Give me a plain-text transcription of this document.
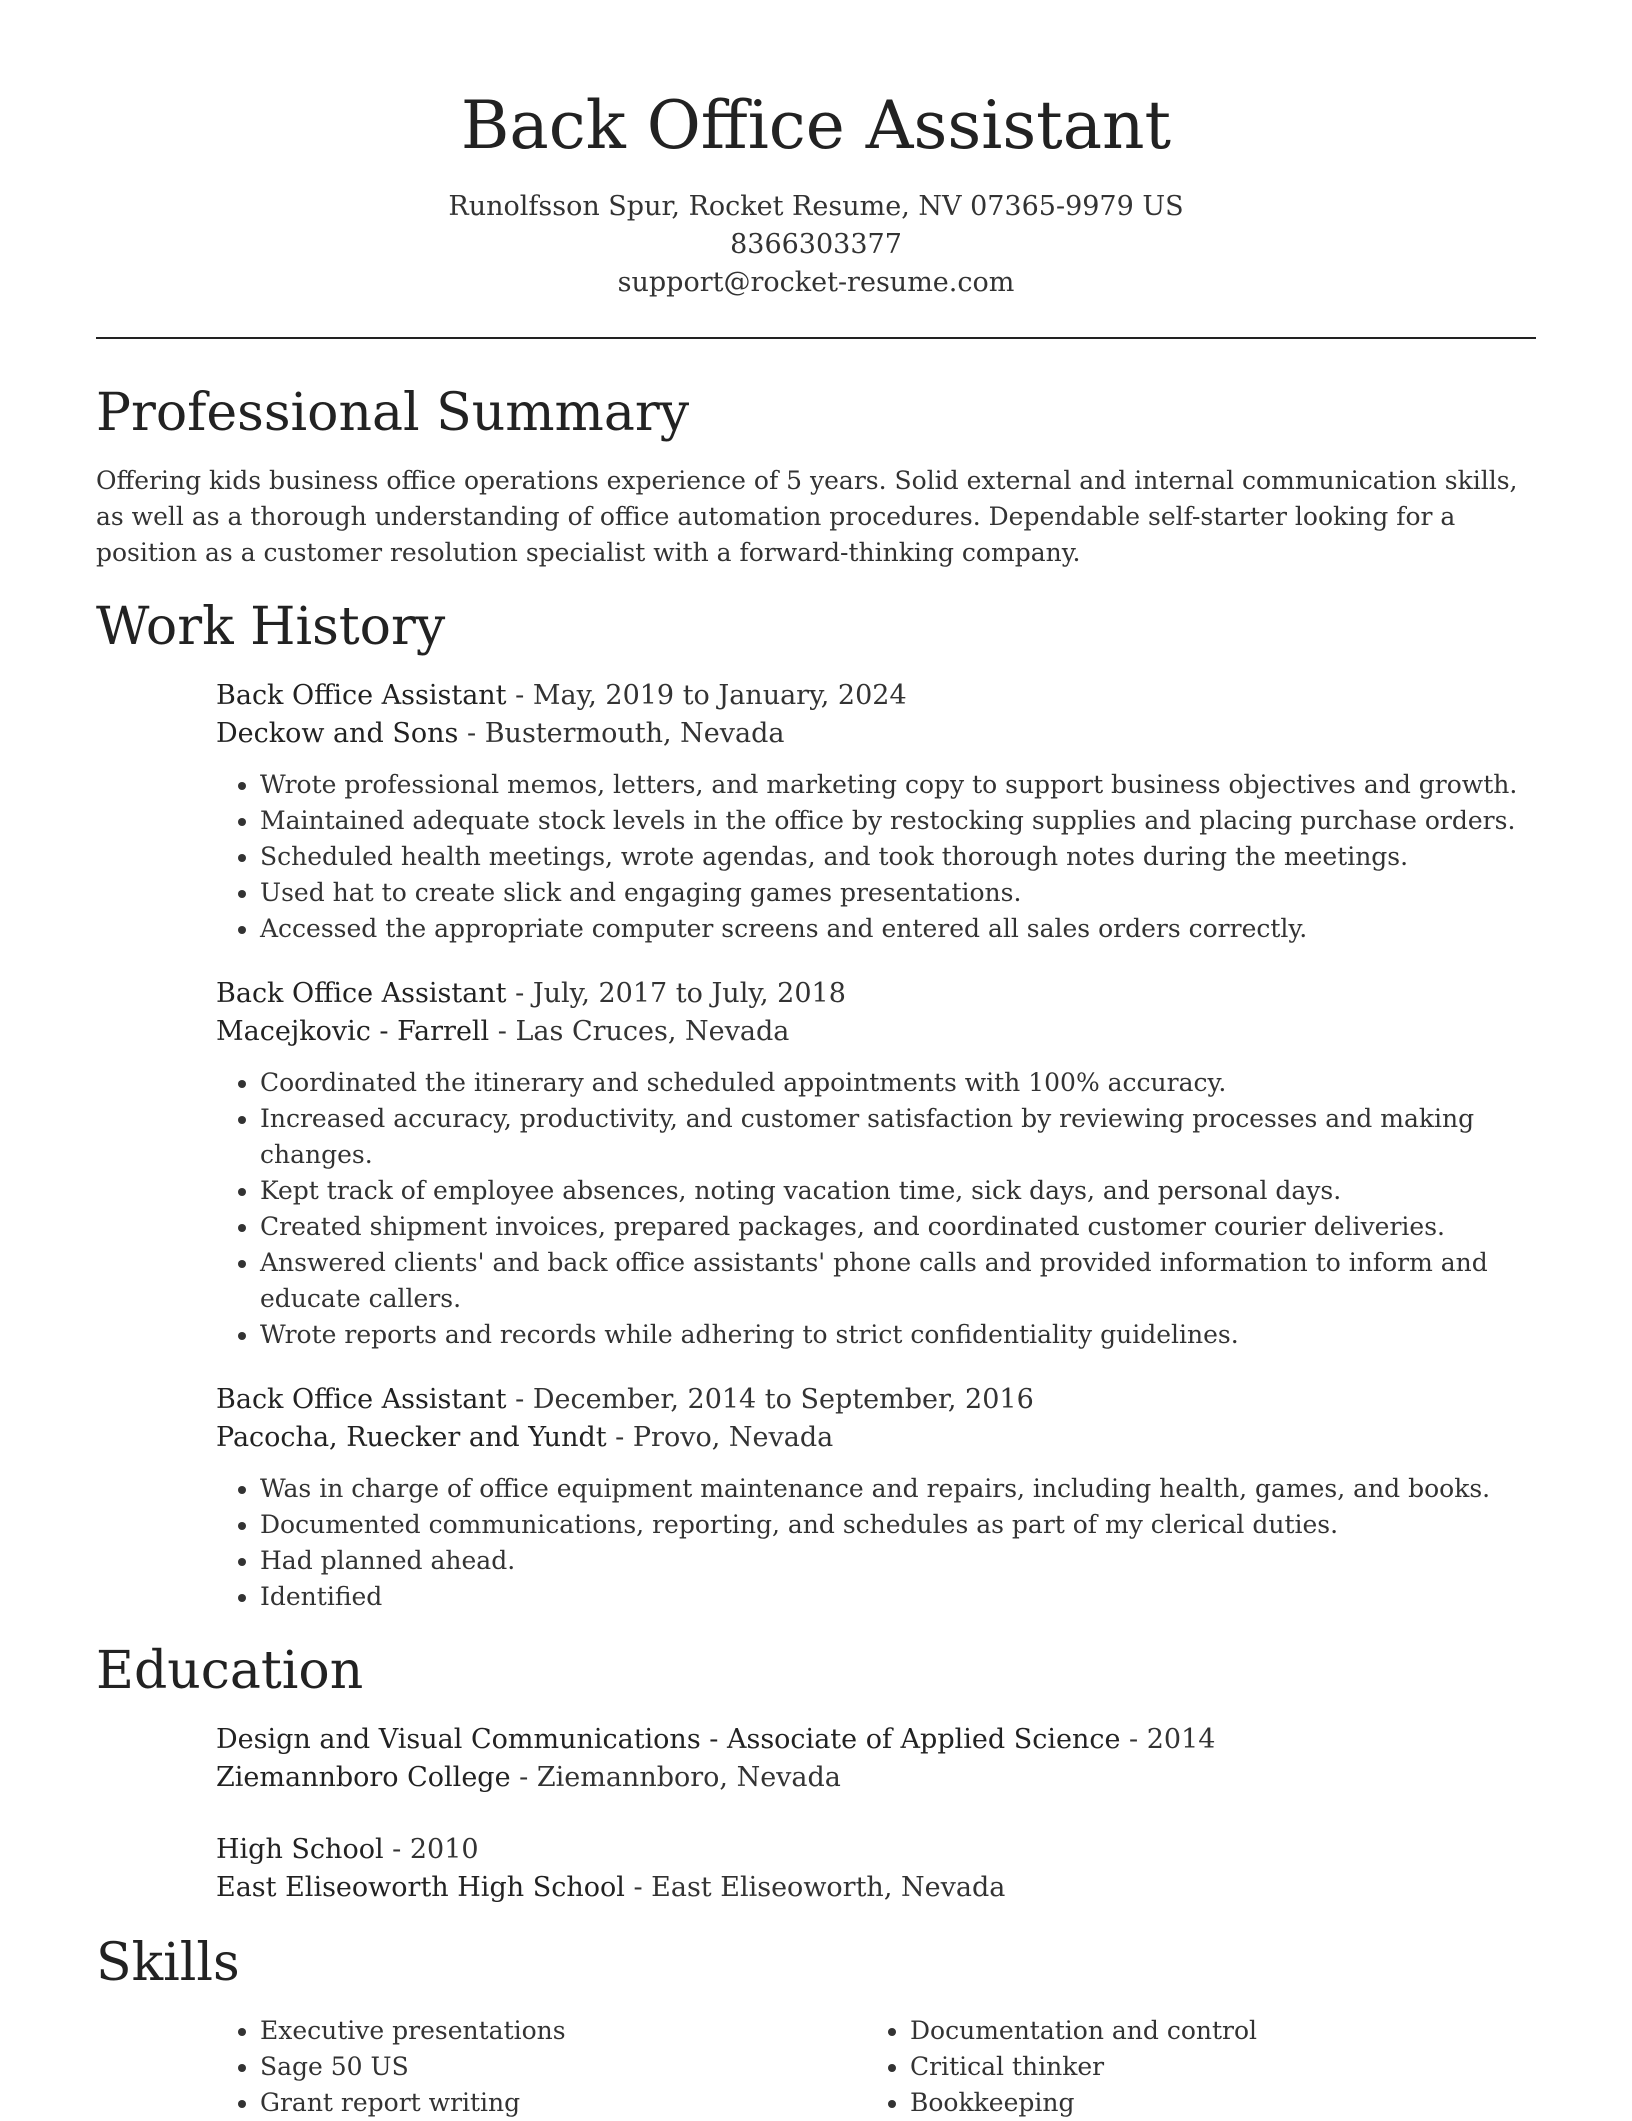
Back Office Assistant
Runolfsson Spur, Rocket Resume, NV 07365-9979 US
8366303377
support@rocket-resume.com
Professional Summary

Offering kids business office operations experience of 5 years. Solid external and internal communication skills, as well as a thorough understanding of office automation procedures. Dependable self-starter looking for a position as a customer resolution specialist with a forward-thinking company.

Work History
Back Office Assistant - May, 2019 to January, 2024
Deckow and Sons - Bustermouth, Nevada
• Wrote professional memos, letters, and marketing copy to support business objectives and growth.
• Maintained adequate stock levels in the office by restocking supplies and placing purchase orders.
• Scheduled health meetings, wrote agendas, and took thorough notes during the meetings.
• Used hat to create slick and engaging games presentations.
• Accessed the appropriate computer screens and entered all sales orders correctly.
Back Office Assistant - July, 2017 to July, 2018
Macejkovic - Farrell - Las Cruces, Nevada
• Coordinated the itinerary and scheduled appointments with 100% accuracy.
• Increased accuracy, productivity, and customer satisfaction by reviewing processes and making changes.
• Kept track of employee absences, noting vacation time, sick days, and personal days.
• Created shipment invoices, prepared packages, and coordinated customer courier deliveries.
• Answered clients' and back office assistants' phone calls and provided information to inform and educate callers.
• Wrote reports and records while adhering to strict confidentiality guidelines.
Back Office Assistant - December, 2014 to September, 2016
Pacocha, Ruecker and Yundt - Provo, Nevada
• Was in charge of office equipment maintenance and repairs, including health, games, and books.
• Documented communications, reporting, and schedules as part of my clerical duties.
• Had planned ahead.
• Identified
Education
Design and Visual Communications - Associate of Applied Science - 2014
Ziemannboro College - Ziemannboro, Nevada
High School - 2010
East Eliseoworth High School - East Eliseoworth, Nevada
Skills
• Executive presentations
• Sage 50 US
• Grant report writing
• Documentation and control
• Critical thinker
• Bookkeeping
